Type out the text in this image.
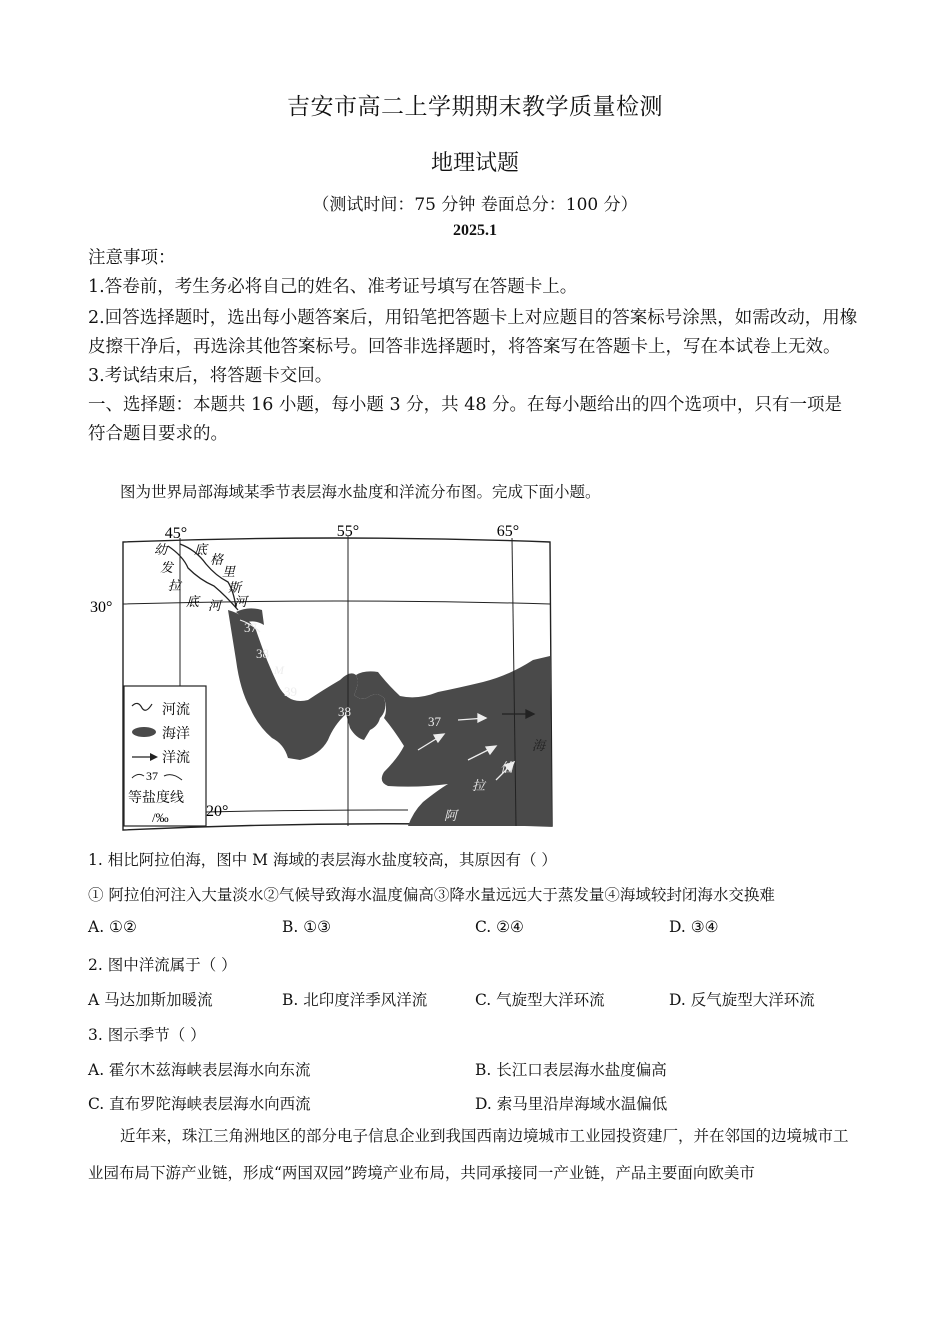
吉安市高二上学期期末教学质量检测
地理试题
（测试时间：75 分钟 卷面总分：100 分）
2025.1
注意事项：
1.答卷前，考生务必将自己的姓名、准考证号填写在答题卡上。
2.回答选择题时，选出每小题答案后，用铅笔把答题卡上对应题目的答案标号涂黑，如需改动，用橡皮擦干净后，再选涂其他答案标号。回答非选择题时，将答案写在答题卡上，写在本试卷上无效。
3.考试结束后，将答题卡交回。
一、选择题：本题共 16 小题，每小题 3 分，共 48 分。在每小题给出的四个选项中，只有一项是符合题目要求的。
图为世界局部海域某季节表层海水盐度和洋流分布图。完成下面小题。
45°	55°	65°
30°
20°
幼
发
拉
底 河
底
格
里
斯
河
37
38
M
39
38
37
阿
拉
伯
海
河流
海洋
洋流
37
等盐度线
/‰
1. 相比阿拉伯海，图中 M 海域的表层海水盐度较高，其原因有（ ）
① 阿拉伯河注入大量淡水②气候导致海水温度偏高③降水量远远大于蒸发量④海域较封闭海水交换难
A. ①②	B. ①③	C. ②④	D. ③④
2. 图中洋流属于（ ）
A 马达加斯加暖流	B. 北印度洋季风洋流	C. 气旋型大洋环流	D. 反气旋型大洋环流
3. 图示季节（ ）
A. 霍尔木兹海峡表层海水向东流	B. 长江口表层海水盐度偏高
C. 直布罗陀海峡表层海水向西流	D. 索马里沿岸海域水温偏低
近年来，珠江三角洲地区的部分电子信息企业到我国西南边境城市工业园投资建厂，并在邻国的边境城市工业园布局下游产业链，形成“两国双园”跨境产业布局，共同承接同一产业链，产品主要面向欧美市
